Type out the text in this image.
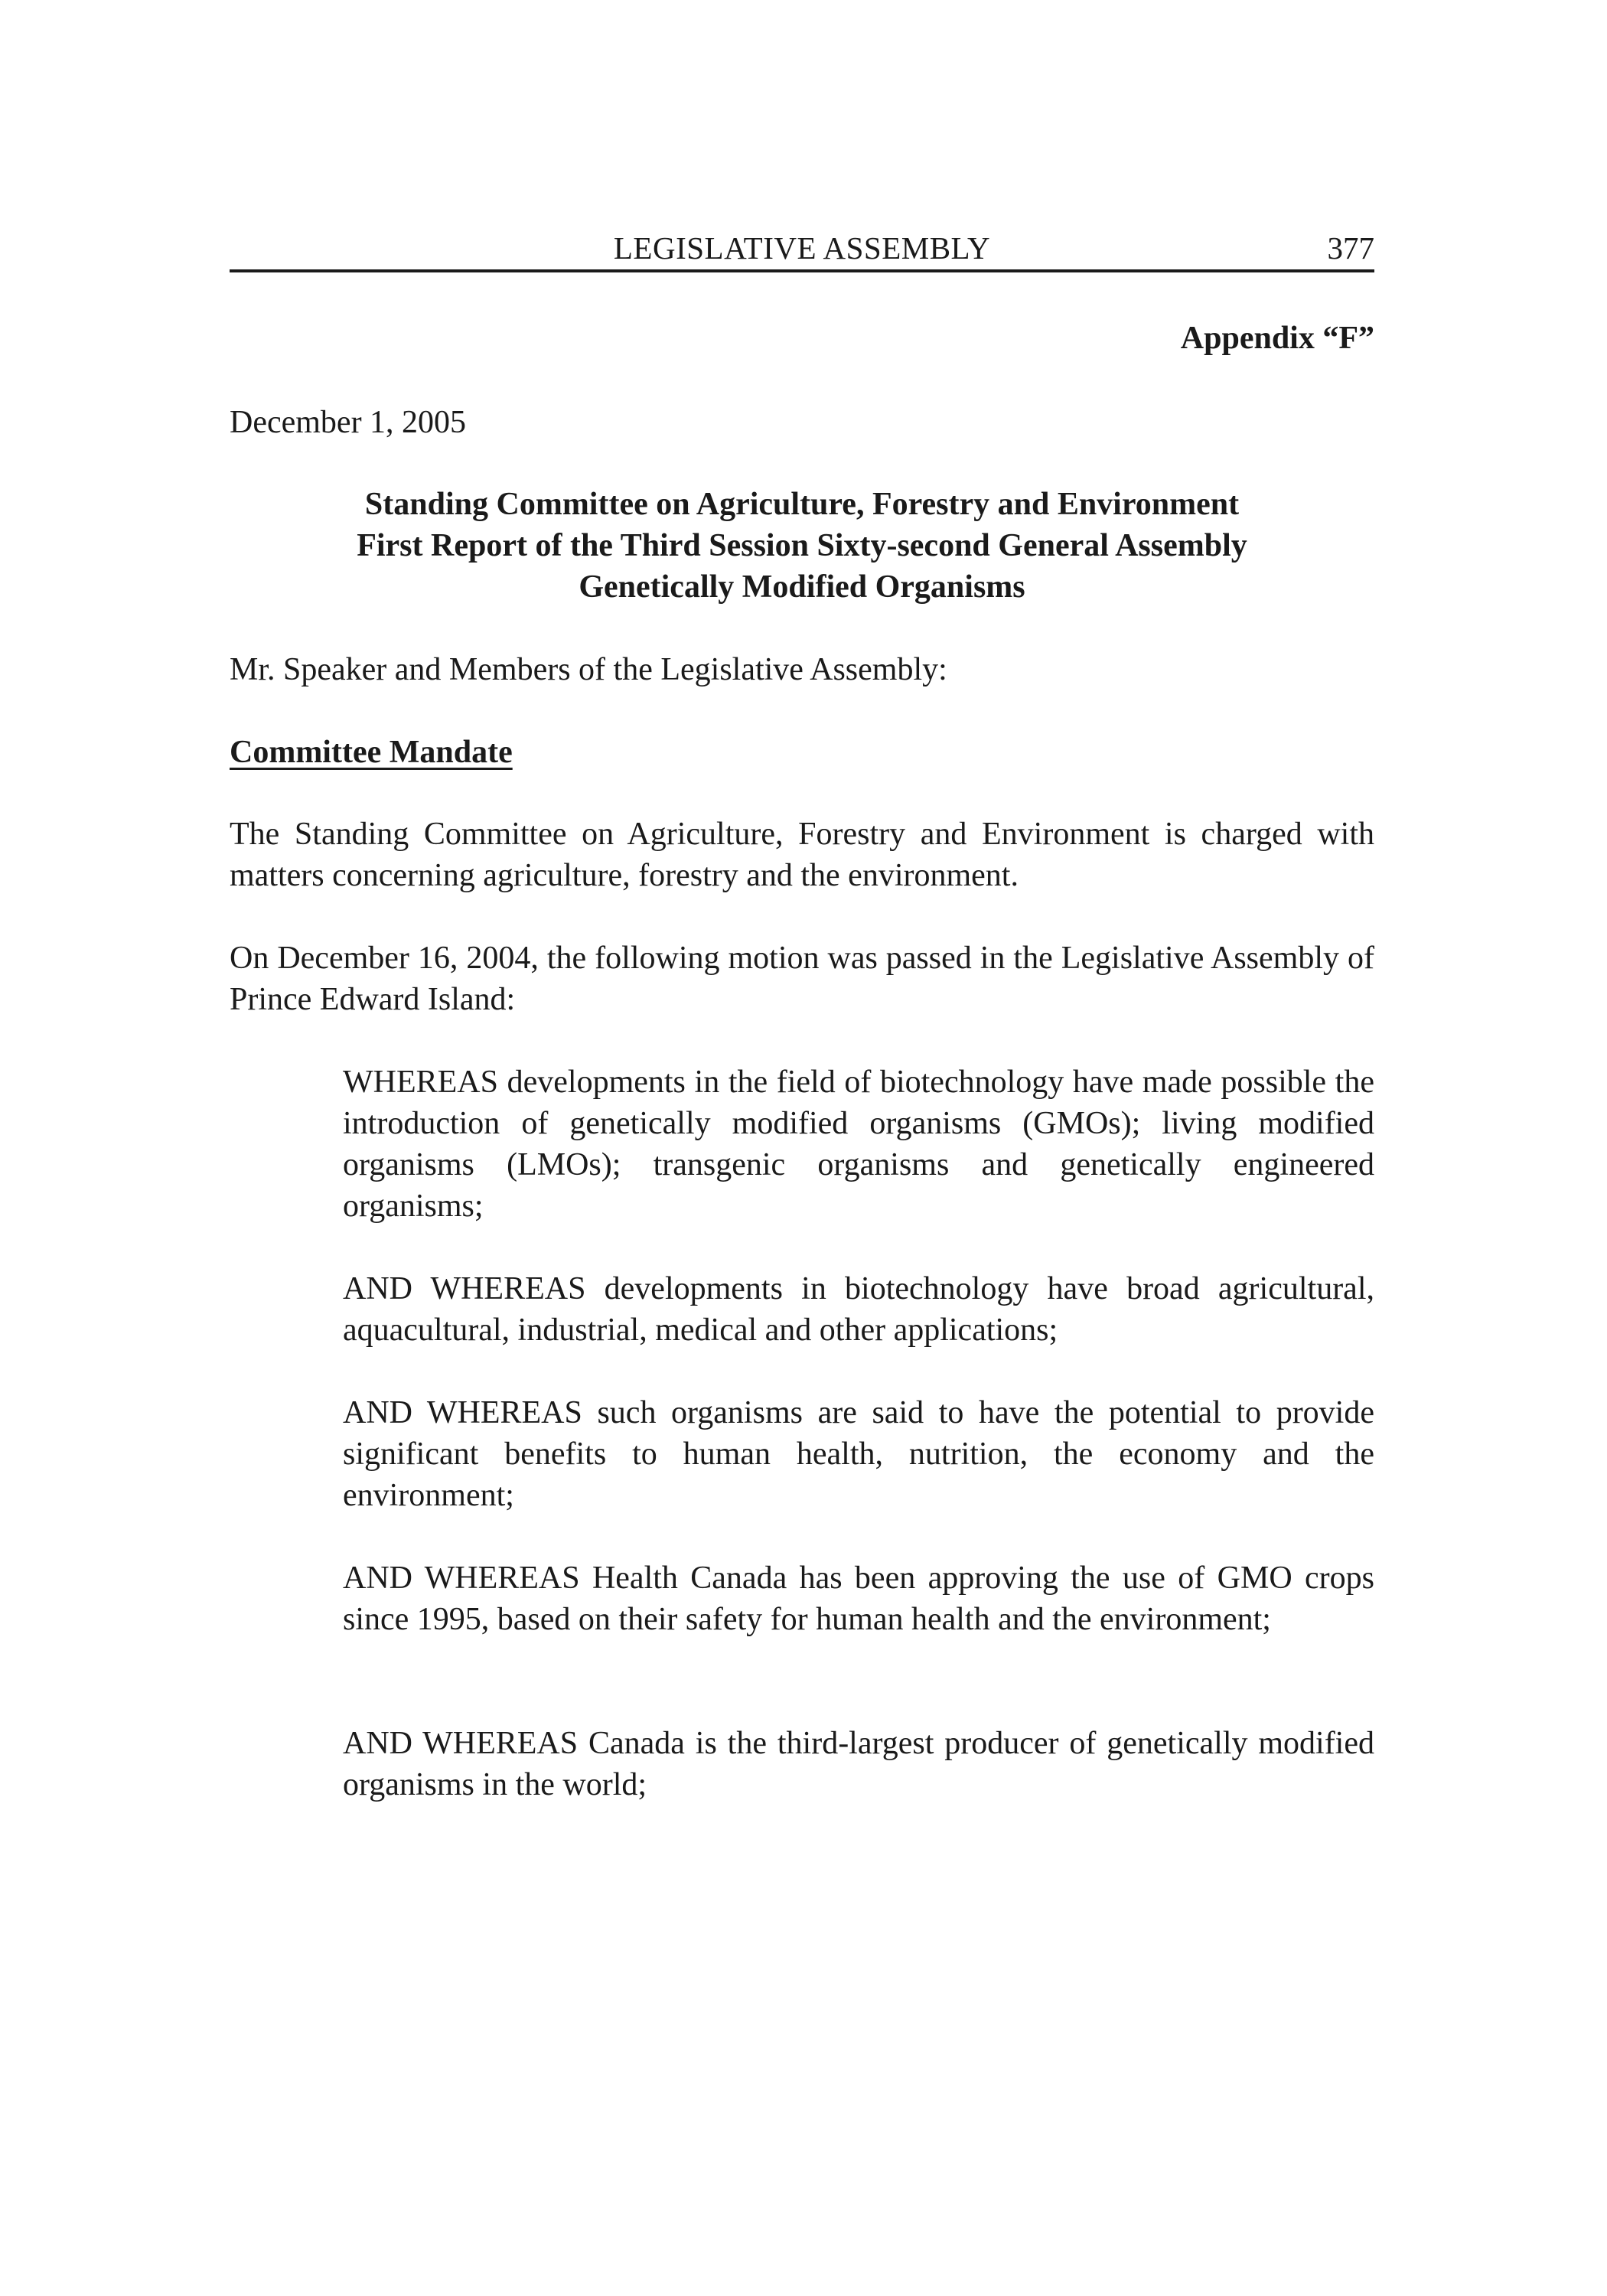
LEGISLATIVE ASSEMBLY	377
Appendix “F”
December 1, 2005
Standing Committee on Agriculture, Forestry and Environment
First Report of the Third Session Sixty-second General Assembly
Genetically Modified Organisms
Mr. Speaker and Members of the Legislative Assembly:
Committee Mandate
The Standing Committee on Agriculture, Forestry and Environment is charged with matters concerning agriculture, forestry and the environment.
On December 16, 2004, the following motion was passed in the Legislative Assembly of Prince Edward Island:
WHEREAS developments in the field of biotechnology have made possible the introduction of genetically modified organisms (GMOs); living modified organisms (LMOs); transgenic organisms and genetically engineered organisms;
AND WHEREAS developments in biotechnology have broad agricultural, aquacultural, industrial, medical and other applications;
AND WHEREAS such organisms are said to have the potential to provide significant benefits to human health, nutrition, the economy and the environment;
AND WHEREAS Health Canada has been approving the use of GMO crops since 1995, based on their safety for human health and the environment;
AND WHEREAS Canada is the third-largest producer of genetically modified organisms in the world;
